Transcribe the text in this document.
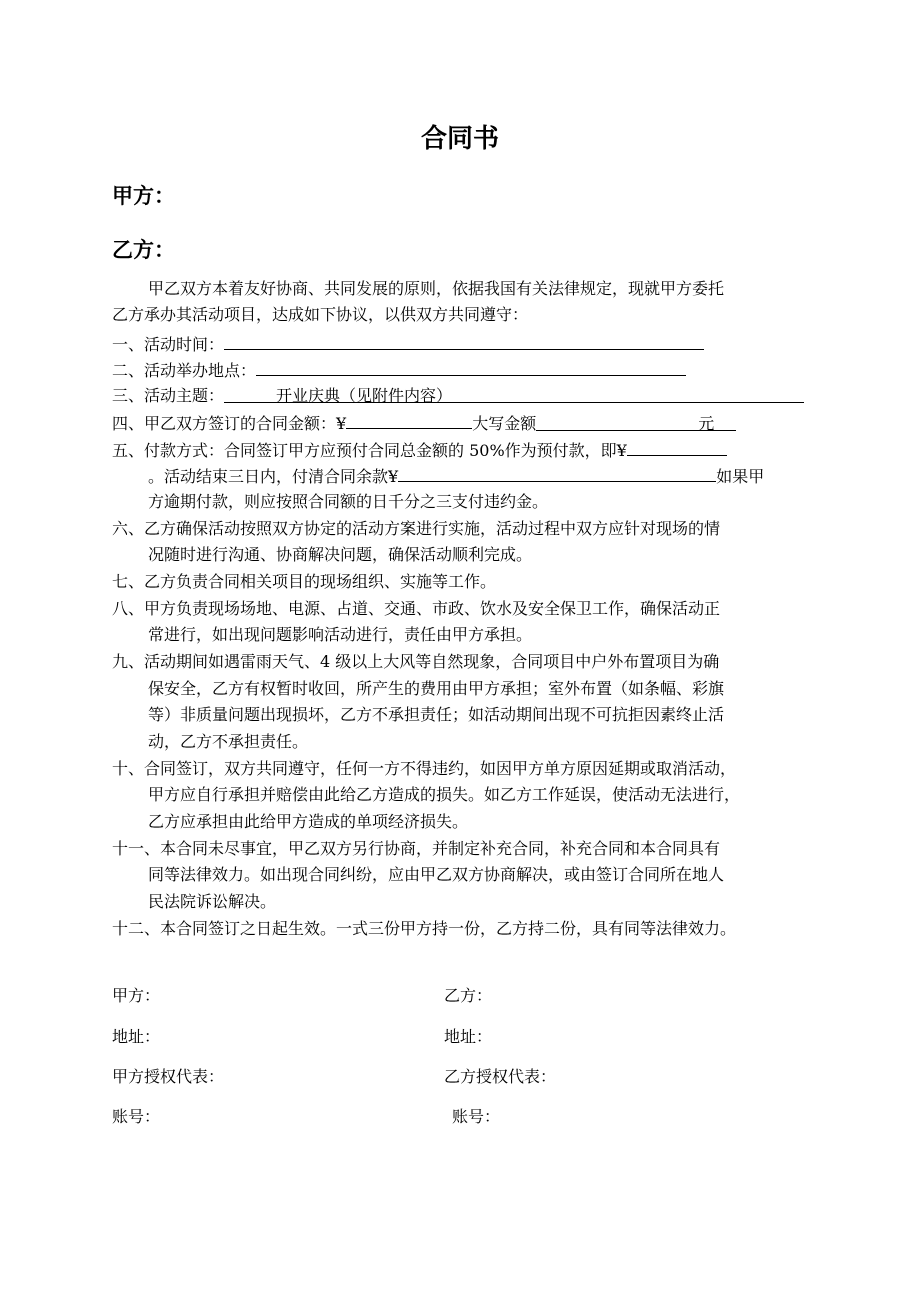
合同书
甲方：
乙方：
甲乙双方本着友好协商、共同发展的原则，依据我国有关法律规定，现就甲方委托
乙方承办其活动项目，达成如下协议，以供双方共同遵守：
一、活动时间：
二、活动举办地点：
三、活动主题：	开业庆典（见附件内容）
四、甲乙双方签订的合同金额：¥	大写金额	元
五、付款方式：合同签订甲方应预付合同总金额的 50%作为预付款，即¥
。活动结束三日内，付清合同余款¥	如果甲
方逾期付款，则应按照合同额的日千分之三支付违约金。
六、乙方确保活动按照双方协定的活动方案进行实施，活动过程中双方应针对现场的情
况随时进行沟通、协商解决问题，确保活动顺利完成。
七、乙方负责合同相关项目的现场组织、实施等工作。
八、甲方负责现场场地、电源、占道、交通、市政、饮水及安全保卫工作，确保活动正
常进行，如出现问题影响活动进行，责任由甲方承担。
九、活动期间如遇雷雨天气、4 级以上大风等自然现象，合同项目中户外布置项目为确
保安全，乙方有权暂时收回，所产生的费用由甲方承担；室外布置（如条幅、彩旗
等）非质量问题出现损坏，乙方不承担责任；如活动期间出现不可抗拒因素终止活
动，乙方不承担责任。
十、合同签订，双方共同遵守，任何一方不得违约，如因甲方单方原因延期或取消活动，
甲方应自行承担并赔偿由此给乙方造成的损失。如乙方工作延误，使活动无法进行，
乙方应承担由此给甲方造成的单项经济损失。
十一、本合同未尽事宜，甲乙双方另行协商，并制定补充合同，补充合同和本合同具有
同等法律效力。如出现合同纠纷，应由甲乙双方协商解决，或由签订合同所在地人
民法院诉讼解决。
十二、本合同签订之日起生效。一式三份甲方持一份，乙方持二份，具有同等法律效力。
甲方：	乙方：
地址：	地址：
甲方授权代表：	乙方授权代表：
账号：	账号：
